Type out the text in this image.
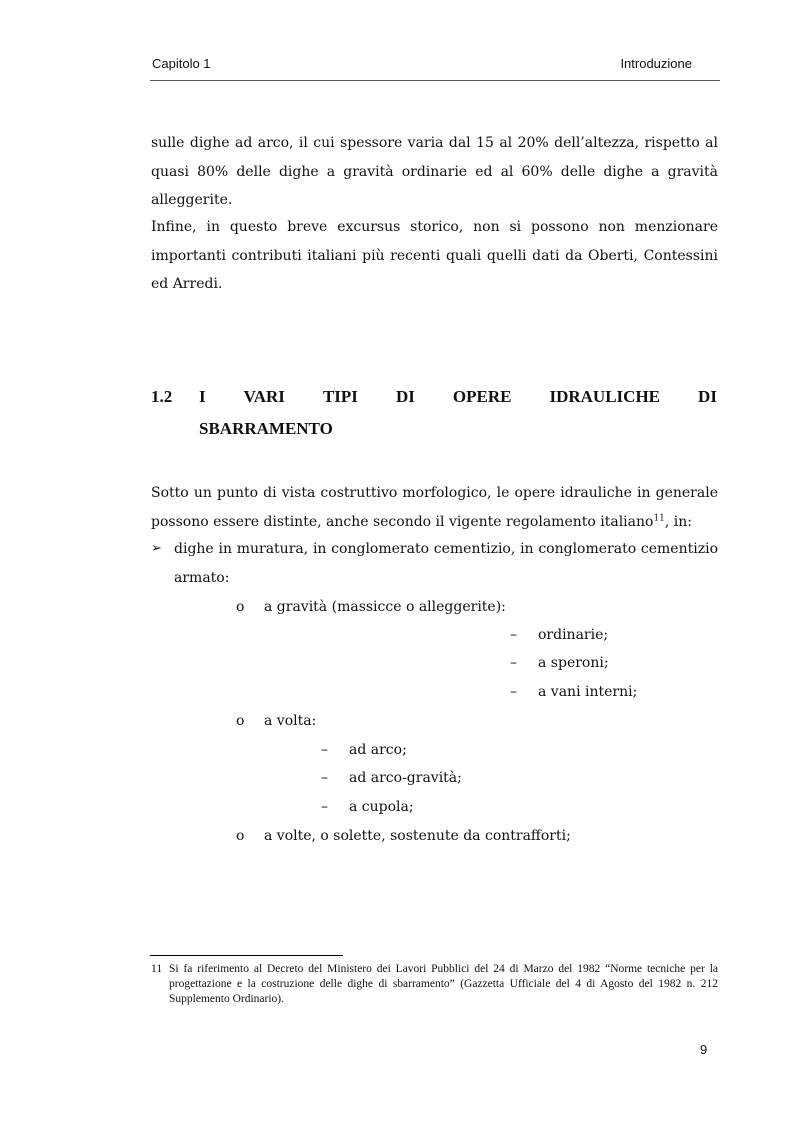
Capitolo 1	Introduzione

sulle dighe ad arco, il cui spessore varia dal 15 al 20% dell’altezza, rispetto al quasi 80% delle dighe a gravità ordinarie ed al 60% delle dighe a gravità alleggerite.

Infine, in questo breve excursus storico, non si possono non menzionare importanti contributi italiani più recenti quali quelli dati da Oberti, Contessini ed Arredi.

1.2 I VARI TIPI DI OPERE IDRAULICHE DI
SBARRAMENTO
Sotto un punto di vista costruttivo morfologico, le opere idrauliche in generale possono essere distinte, anche secondo il vigente regolamento italiano$^{11}$, in:
➢ dighe in muratura, in conglomerato cementizio, in conglomerato cementizio armato:
o a gravità (massicce o alleggerite):
– ordinarie;
– a speroni;
– a vani interni;
o a volta:
– ad arco;
– ad arco-gravità;
– a cupola;
o a volte, o solette, sostenute da contrafforti;
11 Si fa riferimento al Decreto del Ministero dei Lavori Pubblici del 24 di Marzo del 1982 “Norme tecniche per la progettazione e la costruzione delle dighe di sbarramento” (Gazzetta Ufficiale del 4 di Agosto del 1982 n. 212 Supplemento Ordinario).
9
